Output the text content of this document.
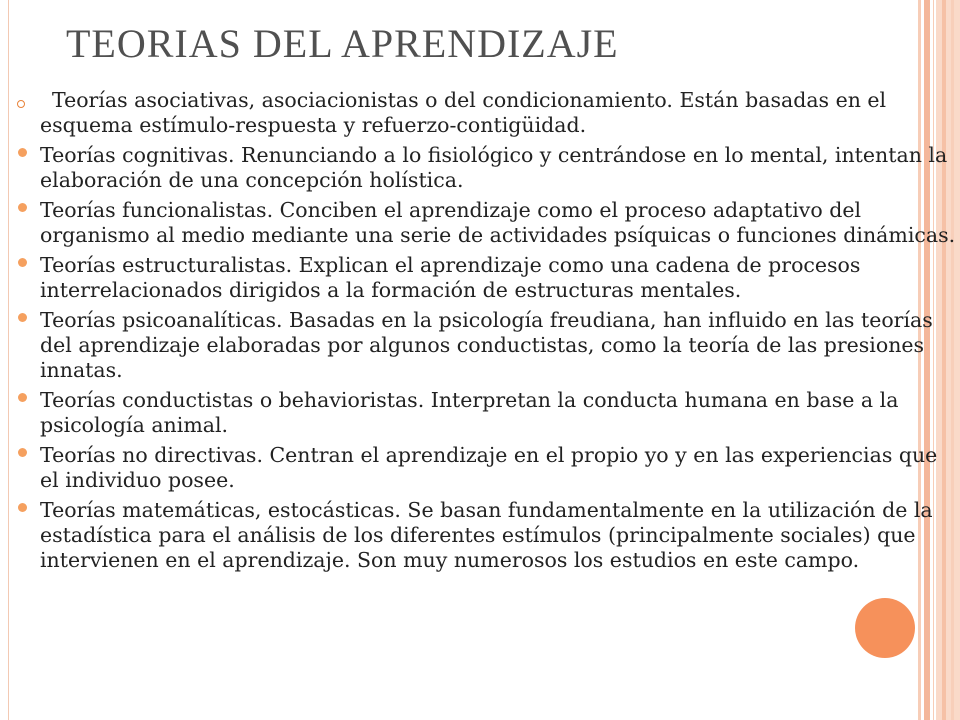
TEORIAS DEL APRENDIZAJE
Teorías asociativas, asociacionistas o del condicionamiento. Están basadas en el esquema estímulo-respuesta y refuerzo-contigüidad.
Teorías cognitivas. Renunciando a lo fisiológico y centrándose en lo mental, intentan la elaboración de una concepción holística.
Teorías funcionalistas. Conciben el aprendizaje como el proceso adaptativo del organismo al medio mediante una serie de actividades psíquicas o funciones dinámicas.
Teorías estructuralistas. Explican el aprendizaje como una cadena de procesos interrelacionados dirigidos a la formación de estructuras mentales.
Teorías psicoanalíticas. Basadas en la psicología freudiana, han influido en las teorías del aprendizaje elaboradas por algunos conductistas, como la teoría de las presiones innatas.
Teorías conductistas o behavioristas. Interpretan la conducta humana en base a la psicología animal.
Teorías no directivas. Centran el aprendizaje en el propio yo y en las experiencias que el individuo posee.
Teorías matemáticas, estocásticas. Se basan fundamentalmente en la utilización de la estadística para el análisis de los diferentes estímulos (principalmente sociales) que intervienen en el aprendizaje. Son muy numerosos los estudios en este campo.
